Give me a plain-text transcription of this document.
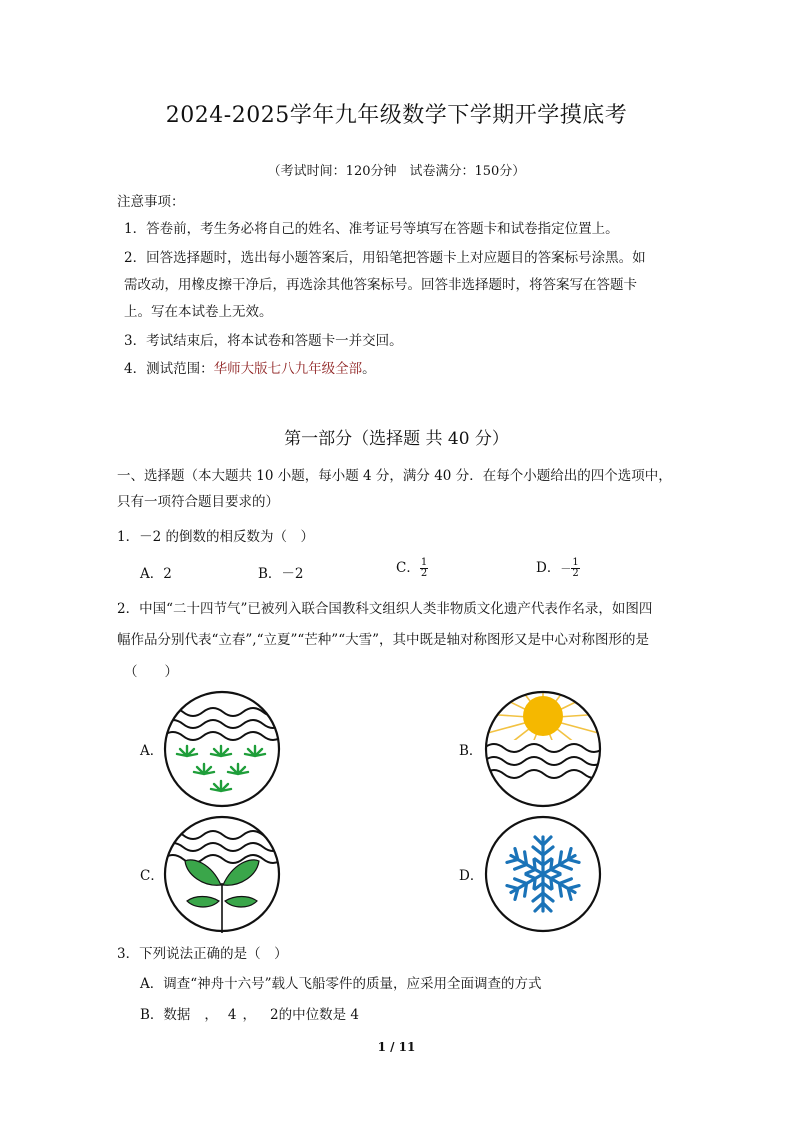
2024-2025学年九年级数学下学期开学摸底考
（考试时间：120分钟　试卷满分：150分）
注意事项：
1．答卷前，考生务必将自己的姓名、准考证号等填写在答题卡和试卷指定位置上。
2．回答选择题时，选出每小题答案后，用铅笔把答题卡上对应题目的答案标号涂黑。如
需改动，用橡皮擦干净后，再选涂其他答案标号。回答非选择题时，将答案写在答题卡
上。写在本试卷上无效。
3．考试结束后，将本试卷和答题卡一并交回。
4．测试范围：华师大版七八九年级全部。
第一部分（选择题 共 40 分）
一、选择题（本大题共 10 小题，每小题 4 分，满分 40 分．在每个小题给出的四个选项中，
只有一项符合题目要求的）
1．－2 的倒数的相反数为（　）
A．2	B．－2	C． $\frac{1}{2}$	D．－ $\frac{1}{2}$
2．中国“二十四节气”已被列入联合国教科文组织人类非物质文化遗产代表作名录，如图四
幅作品分别代表“立春”,“立夏”“芒种”“大雪”，其中既是轴对称图形又是中心对称图形的是
（　　）
A．	B．
C．	D．
3．下列说法正确的是（　）
A．调查“神舟十六号”载人飞船零件的质量，应采用全面调查的方式
B．数据 ， 4 ， 2的中位数是 4
1 / 11
